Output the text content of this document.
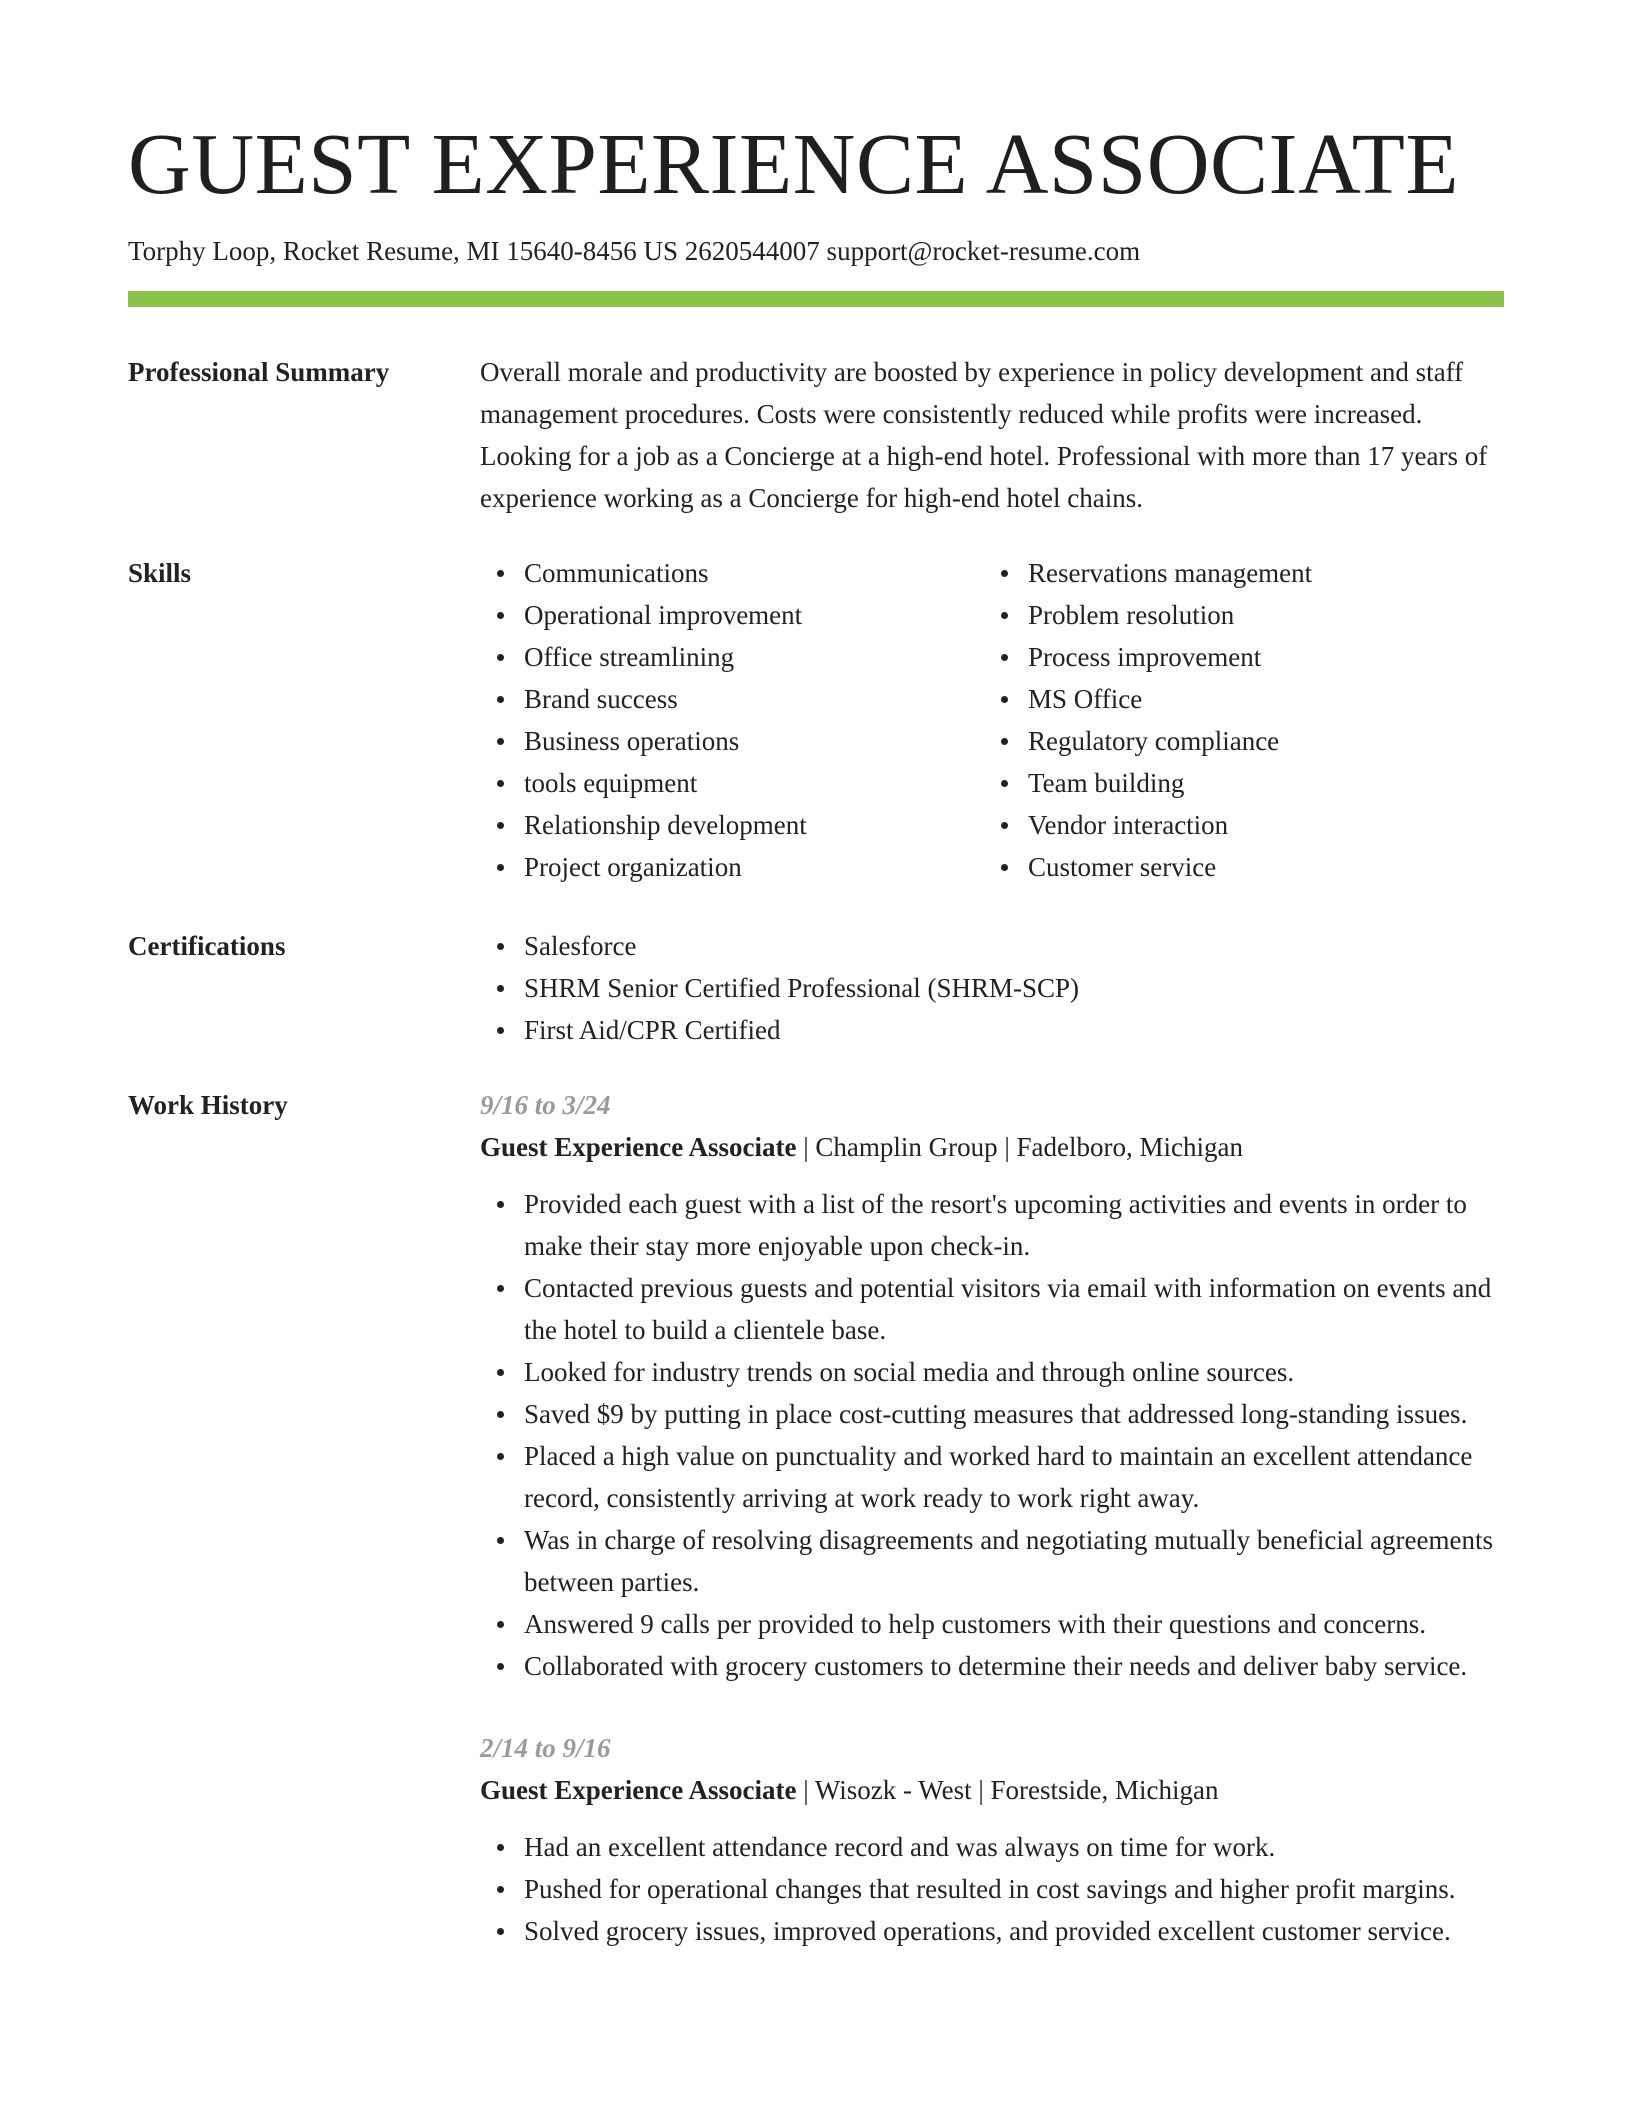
GUEST EXPERIENCE ASSOCIATE
Torphy Loop, Rocket Resume, MI 15640-8456 US 2620544007 support@rocket-resume.com
Professional Summary	Overall morale and productivity are boosted by experience in policy development and staff management procedures. Costs were consistently reduced while profits were increased. Looking for a job as a Concierge at a high-end hotel. Professional with more than 17 years of experience working as a Concierge for high-end hotel chains.

Skills	Communications
Operational improvement
Office streamlining
Brand success
Business operations
tools equipment
Relationship development
Project organization
Reservations management
Problem resolution
Process improvement
MS Office
Regulatory compliance
Team building
Vendor interaction
Customer service
Certifications	Salesforce
SHRM Senior Certified Professional (SHRM-SCP)
First Aid/CPR Certified
Work History	9/16 to 3/24
Guest Experience Associate | Champlin Group | Fadelboro, Michigan
Provided each guest with a list of the resort's upcoming activities and events in order to make their stay more enjoyable upon check-in.
Contacted previous guests and potential visitors via email with information on events and the hotel to build a clientele base.
Looked for industry trends on social media and through online sources.
Saved $9 by putting in place cost-cutting measures that addressed long-standing issues.
Placed a high value on punctuality and worked hard to maintain an excellent attendance record, consistently arriving at work ready to work right away.
Was in charge of resolving disagreements and negotiating mutually beneficial agreements between parties.
Answered 9 calls per provided to help customers with their questions and concerns.
Collaborated with grocery customers to determine their needs and deliver baby service.
2/14 to 9/16
Guest Experience Associate | Wisozk - West | Forestside, Michigan
Had an excellent attendance record and was always on time for work.
Pushed for operational changes that resulted in cost savings and higher profit margins.
Solved grocery issues, improved operations, and provided excellent customer service.
